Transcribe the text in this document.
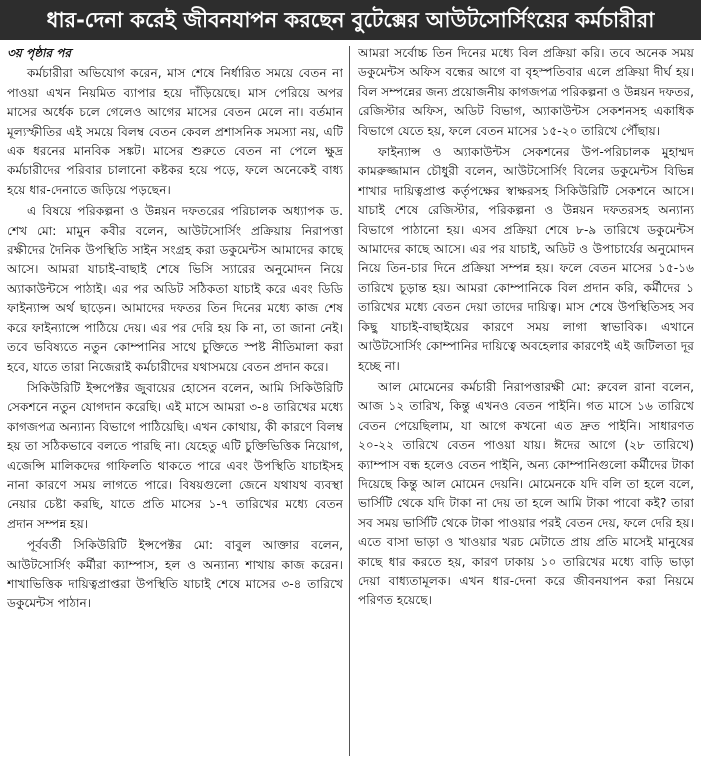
ধার-দেনা করেই জীবনযাপন করছেন বুটেক্সের আউটসোর্সিংয়ের কর্মচারীরা
৩য় পৃষ্ঠার পর

কর্মচারীরা অভিযোগ করেন, মাস শেষে নির্ধারিত সময়ে বেতন না পাওয়া এখন নিয়মিত ব্যাপার হয়ে দাঁড়িয়েছে। মাস পেরিয়ে অপর মাসের অর্ধেক চলে গেলেও আগের মাসের বেতন মেলে না। বর্তমান মূল্যস্ফীতির এই সময়ে বিলম্ব বেতন কেবল প্রশাসনিক সমস্যা নয়, এটি এক ধরনের মানবিক সঙ্কট। মাসের শুরুতে বেতন না পেলে ক্ষুদ্র কর্মচারীদের পরিবার চালানো কষ্টকর হয়ে পড়ে, ফলে অনেকেই বাধ্য হয়ে ধার-দেনাতে জড়িয়ে পড়ছেন।

এ বিষয়ে পরিকল্পনা ও উন্নয়ন দফতরের পরিচালক অধ্যাপক ড. শেখ মো: মামুন কবীর বলেন, আউটসোর্সিং প্রক্রিয়ায় নিরাপত্তা রক্ষীদের দৈনিক উপস্থিতি সাইন সংগ্রহ করা ডকুমেন্টস আমাদের কাছে আসে। আমরা যাচাই-বাছাই শেষে ভিসি স্যারের অনুমোদন নিয়ে অ্যাকাউন্টসে পাঠাই। এর পর অডিট সঠিকতা যাচাই করে এবং ডিডি ফাইন্যান্স অর্থ ছাড়েন। আমাদের দফতর তিন দিনের মধ্যে কাজ শেষ করে ফাইন্যান্সে পাঠিয়ে দেয়। এর পর দেরি হয় কি না, তা জানা নেই। তবে ভবিষ্যতে নতুন কোম্পানির সাথে চুক্তিতে স্পষ্ট নীতিমালা করা হবে, যাতে তারা নিজেরাই কর্মচারীদের যথাসময়ে বেতন প্রদান করে।

সিকিউরিটি ইন্সপেক্টর জুবায়ের হোসেন বলেন, আমি সিকিউরিটি সেকশনে নতুন যোগদান করেছি। এই মাসে আমরা ৩-৪ তারিখের মধ্যে কাগজপত্র অন্যান্য বিভাগে পাঠিয়েছি। এখন কোথায়, কী কারণে বিলম্ব হয় তা সঠিকভাবে বলতে পারছি না। যেহেতু এটি চুক্তিভিত্তিক নিয়োগ, এজেন্সি মালিকদের গাফিলতি থাকতে পারে এবং উপস্থিতি যাচাইসহ নানা কারণে সময় লাগতে পারে। বিষয়গুলো জেনে যথাযথ ব্যবস্থা নেয়ার চেষ্টা করছি, যাতে প্রতি মাসের ১-৭ তারিখের মধ্যে বেতন প্রদান সম্পন্ন হয়।

পূর্ববর্তী সিকিউরিটি ইন্সপেক্টর মো: বাবুল আক্তার বলেন, আউটসোর্সিং কর্মীরা ক্যাম্পাস, হল ও অন্যান্য শাখায় কাজ করেন। শাখাভিত্তিক দায়িত্বপ্রাপ্তরা উপস্থিতি যাচাই শেষে মাসের ৩-৪ তারিখে ডকুমেন্টস পাঠান।

আমরা সর্বোচ্চ তিন দিনের মধ্যে বিল প্রক্রিয়া করি। তবে অনেক সময় ডকুমেন্টস অফিস বন্ধের আগে বা বৃহস্পতিবার এলে প্রক্রিয়া দীর্ঘ হয়। বিল সম্পন্নের জন্য প্রয়োজনীয় কাগজপত্র পরিকল্পনা ও উন্নয়ন দফতর, রেজিস্টার অফিস, অডিট বিভাগ, অ্যাকাউন্টস সেকশনসহ একাধিক বিভাগে যেতে হয়, ফলে বেতন মাসের ১৫-২০ তারিখে পৌঁছায়।

ফাইন্যান্স ও অ্যাকাউন্টস সেকশনের উপ-পরিচালক মুহাম্মদ কামরুজ্জামান চৌধুরী বলেন, আউটসোর্সিং বিলের ডকুমেন্টস বিভিন্ন শাখার দায়িত্বপ্রাপ্ত কর্তৃপক্ষের স্বাক্ষরসহ সিকিউরিটি সেকশনে আসে। যাচাই শেষে রেজিস্টার, পরিকল্পনা ও উন্নয়ন দফতরসহ অন্যান্য বিভাগে পাঠানো হয়। এসব প্রক্রিয়া শেষে ৮-৯ তারিখে ডকুমেন্টস আমাদের কাছে আসে। এর পর যাচাই, অডিট ও উপাচার্যের অনুমোদন নিয়ে তিন-চার দিনে প্রক্রিয়া সম্পন্ন হয়। ফলে বেতন মাসের ১৫-১৬ তারিখে চূড়ান্ত হয়। আমরা কোম্পানিকে বিল প্রদান করি, কর্মীদের ১ তারিখের মধ্যে বেতন দেয়া তাদের দায়িত্ব। মাস শেষে উপস্থিতিসহ সব কিছু যাচাই-বাছাইয়ের কারণে সময় লাগা স্বাভাবিক। এখানে আউটসোর্সিং কোম্পানির দায়িত্বে অবহেলার কারণেই এই জটিলতা দূর হচ্ছে না।

আল মোমেনের কর্মচারী নিরাপত্তারক্ষী মো: রুবেল রানা বলেন, আজ ১২ তারিখ, কিন্তু এখনও বেতন পাইনি। গত মাসে ১৬ তারিখে বেতন পেয়েছিলাম, যা আগে কখনো এত দ্রুত পাইনি। সাধারণত ২০-২২ তারিখে বেতন পাওয়া যায়। ঈদের আগে (২৮ তারিখে) ক্যাম্পাস বন্ধ হলেও বেতন পাইনি, অন্য কোম্পানিগুলো কর্মীদের টাকা দিয়েছে কিন্তু আল মোমেন দেয়নি। মোমেনকে যদি বলি তা হলে বলে, ভার্সিটি থেকে যদি টাকা না দেয় তা হলে আমি টাকা পাবো কই? তারা সব সময় ভার্সিটি থেকে টাকা পাওয়ার পরই বেতন দেয়, ফলে দেরি হয়। এতে বাসা ভাড়া ও খাওয়ার খরচ মেটাতে প্রায় প্রতি মাসেই মানুষের কাছে ধার করতে হয়, কারণ ঢাকায় ১০ তারিখের মধ্যে বাড়ি ভাড়া দেয়া বাধ্যতামূলক। এখন ধার-দেনা করে জীবনযাপন করা নিয়মে পরিণত হয়েছে।
